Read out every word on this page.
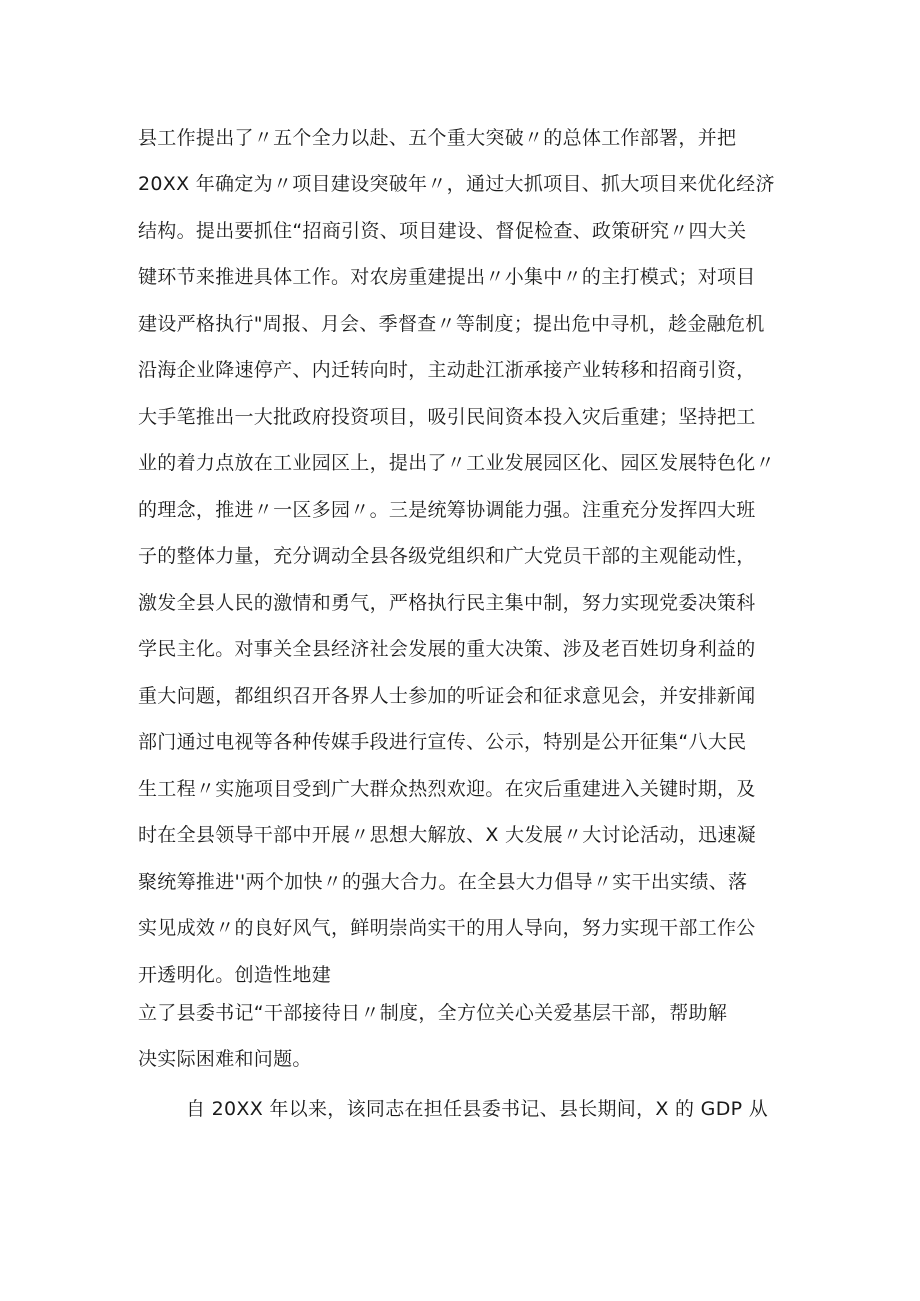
县工作提出了〃五个全力以赴、五个重大突破〃的总体工作部署，并把
20XX 年确定为〃项目建设突破年〃，通过大抓项目、抓大项目来优化经济
结构。提出要抓住“招商引资、项目建设、督促检查、政策研究〃四大关
键环节来推进具体工作。对农房重建提出〃小集中〃的主打模式；对项目
建设严格执行"周报、月会、季督查〃等制度；提出危中寻机，趁金融危机
沿海企业降速停产、内迁转向时，主动赴江浙承接产业转移和招商引资，
大手笔推出一大批政府投资项目，吸引民间资本投入灾后重建；坚持把工
业的着力点放在工业园区上，提出了〃工业发展园区化、园区发展特色化〃
的理念，推进〃一区多园〃。三是统筹协调能力强。注重充分发挥四大班
子的整体力量，充分调动全县各级党组织和广大党员干部的主观能动性，
激发全县人民的激情和勇气，严格执行民主集中制，努力实现党委决策科
学民主化。对事关全县经济社会发展的重大决策、涉及老百姓切身利益的
重大问题，都组织召开各界人士参加的听证会和征求意见会，并安排新闻
部门通过电视等各种传媒手段进行宣传、公示，特别是公开征集“八大民
生工程〃实施项目受到广大群众热烈欢迎。在灾后重建进入关键时期，及
时在全县领导干部中开展〃思想大解放、X 大发展〃大讨论活动，迅速凝
聚统筹推进''两个加快〃的强大合力。在全县大力倡导〃实干出实绩、落
实见成效〃的良好风气，鲜明崇尚实干的用人导向，努力实现干部工作公
开透明化。创造性地建
立了县委书记“干部接待日〃制度，全方位关心关爱基层干部，帮助解
决实际困难和问题。
自 20XX 年以来，该同志在担任县委书记、县长期间，X 的 GDP 从
